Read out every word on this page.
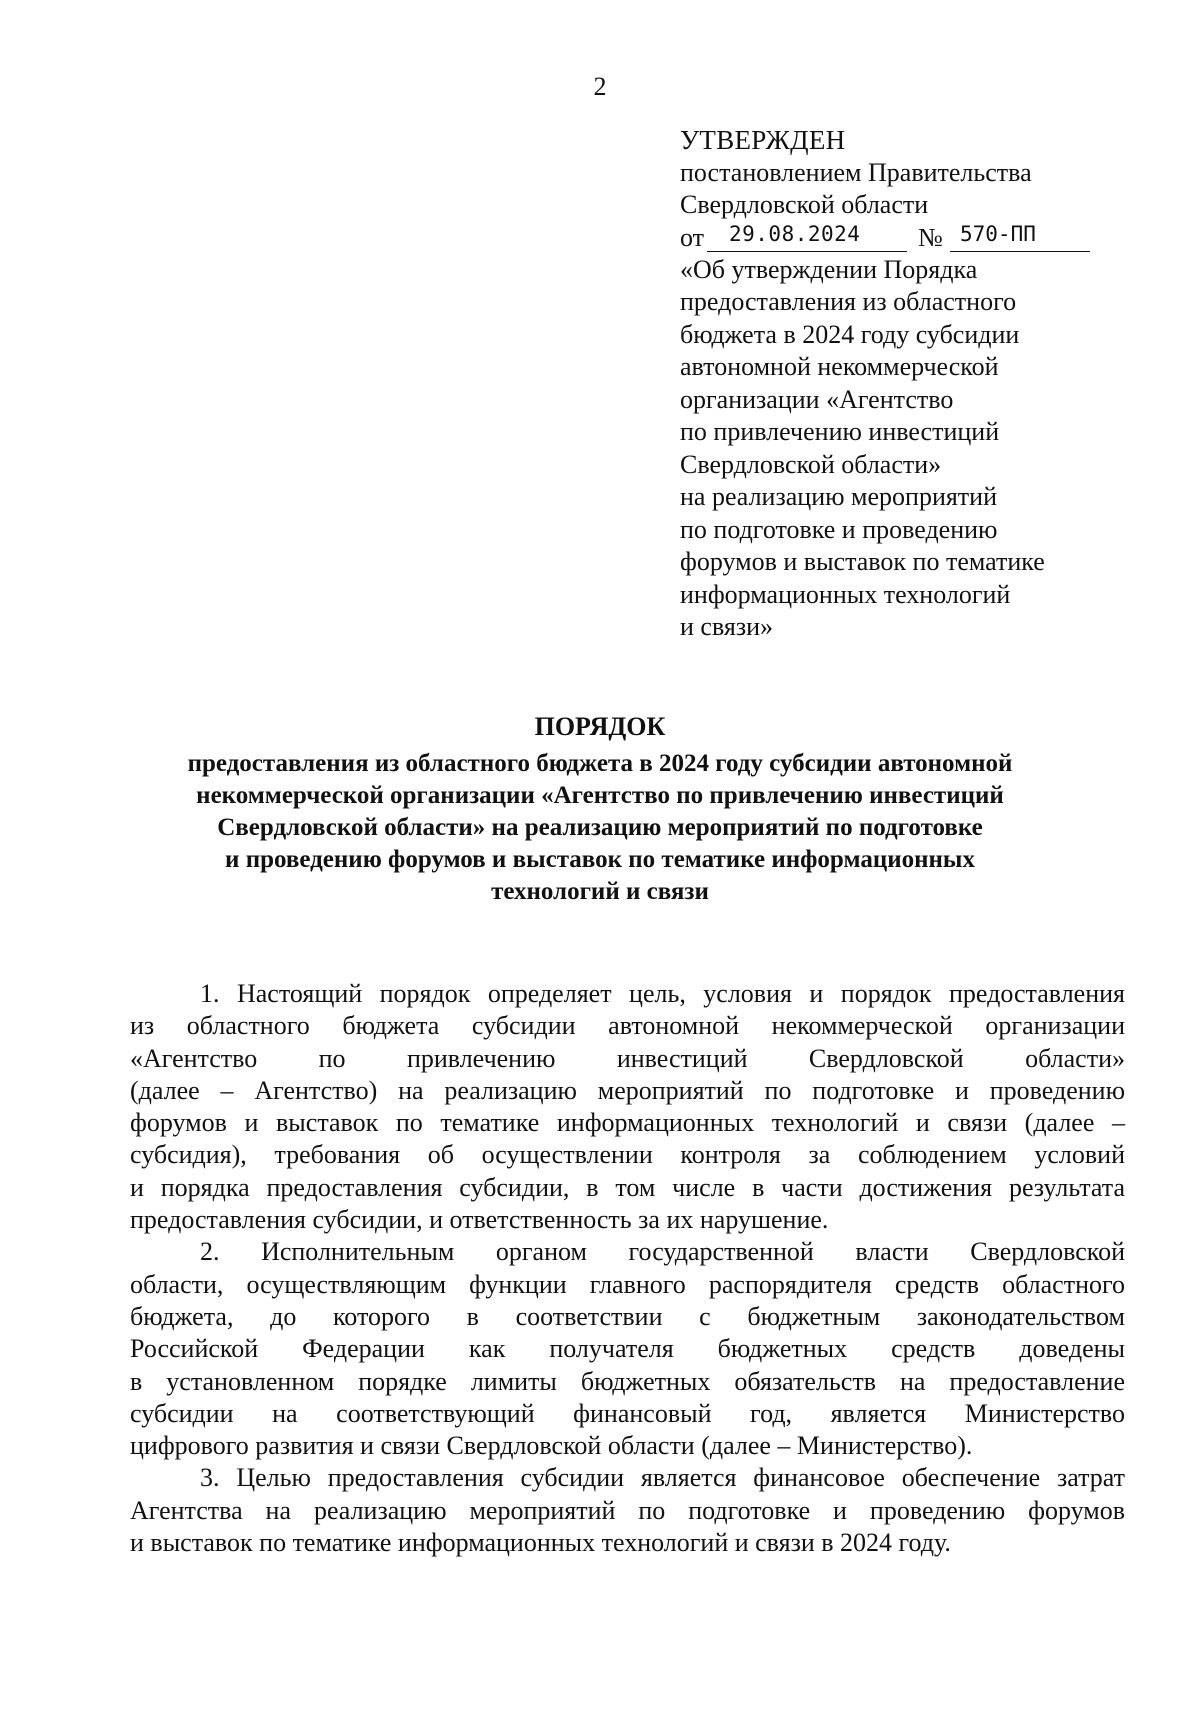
2
УТВЕРЖДЕН
постановлением Правительства
Свердловской области
от 29.08.2024 № 570-ПП
«Об утверждении Порядка
предоставления из областного
бюджета в 2024 году субсидии
автономной некоммерческой
организации «Агентство
по привлечению инвестиций
Свердловской области»
на реализацию мероприятий
по подготовке и проведению
форумов и выставок по тематике
информационных технологий
и связи»
ПОРЯДОК
предоставления из областного бюджета в 2024 году субсидии автономной
некоммерческой организации «Агентство по привлечению инвестиций
Свердловской области» на реализацию мероприятий по подготовке
и проведению форумов и выставок по тематике информационных
технологий и связи
1. Настоящий порядок определяет цель, условия и порядок предоставления
из областного бюджета субсидии автономной некоммерческой организации
«Агентство по привлечению инвестиций Свердловской области»
(далее – Агентство) на реализацию мероприятий по подготовке и проведению
форумов и выставок по тематике информационных технологий и связи (далее –
субсидия), требования об осуществлении контроля за соблюдением условий
и порядка предоставления субсидии, в том числе в части достижения результата
предоставления субсидии, и ответственность за их нарушение.
2. Исполнительным органом государственной власти Свердловской
области, осуществляющим функции главного распорядителя средств областного
бюджета, до которого в соответствии с бюджетным законодательством
Российской Федерации как получателя бюджетных средств доведены
в установленном порядке лимиты бюджетных обязательств на предоставление
субсидии на соответствующий финансовый год, является Министерство
цифрового развития и связи Свердловской области (далее – Министерство).
3. Целью предоставления субсидии является финансовое обеспечение затрат
Агентства на реализацию мероприятий по подготовке и проведению форумов
и выставок по тематике информационных технологий и связи в 2024 году.
